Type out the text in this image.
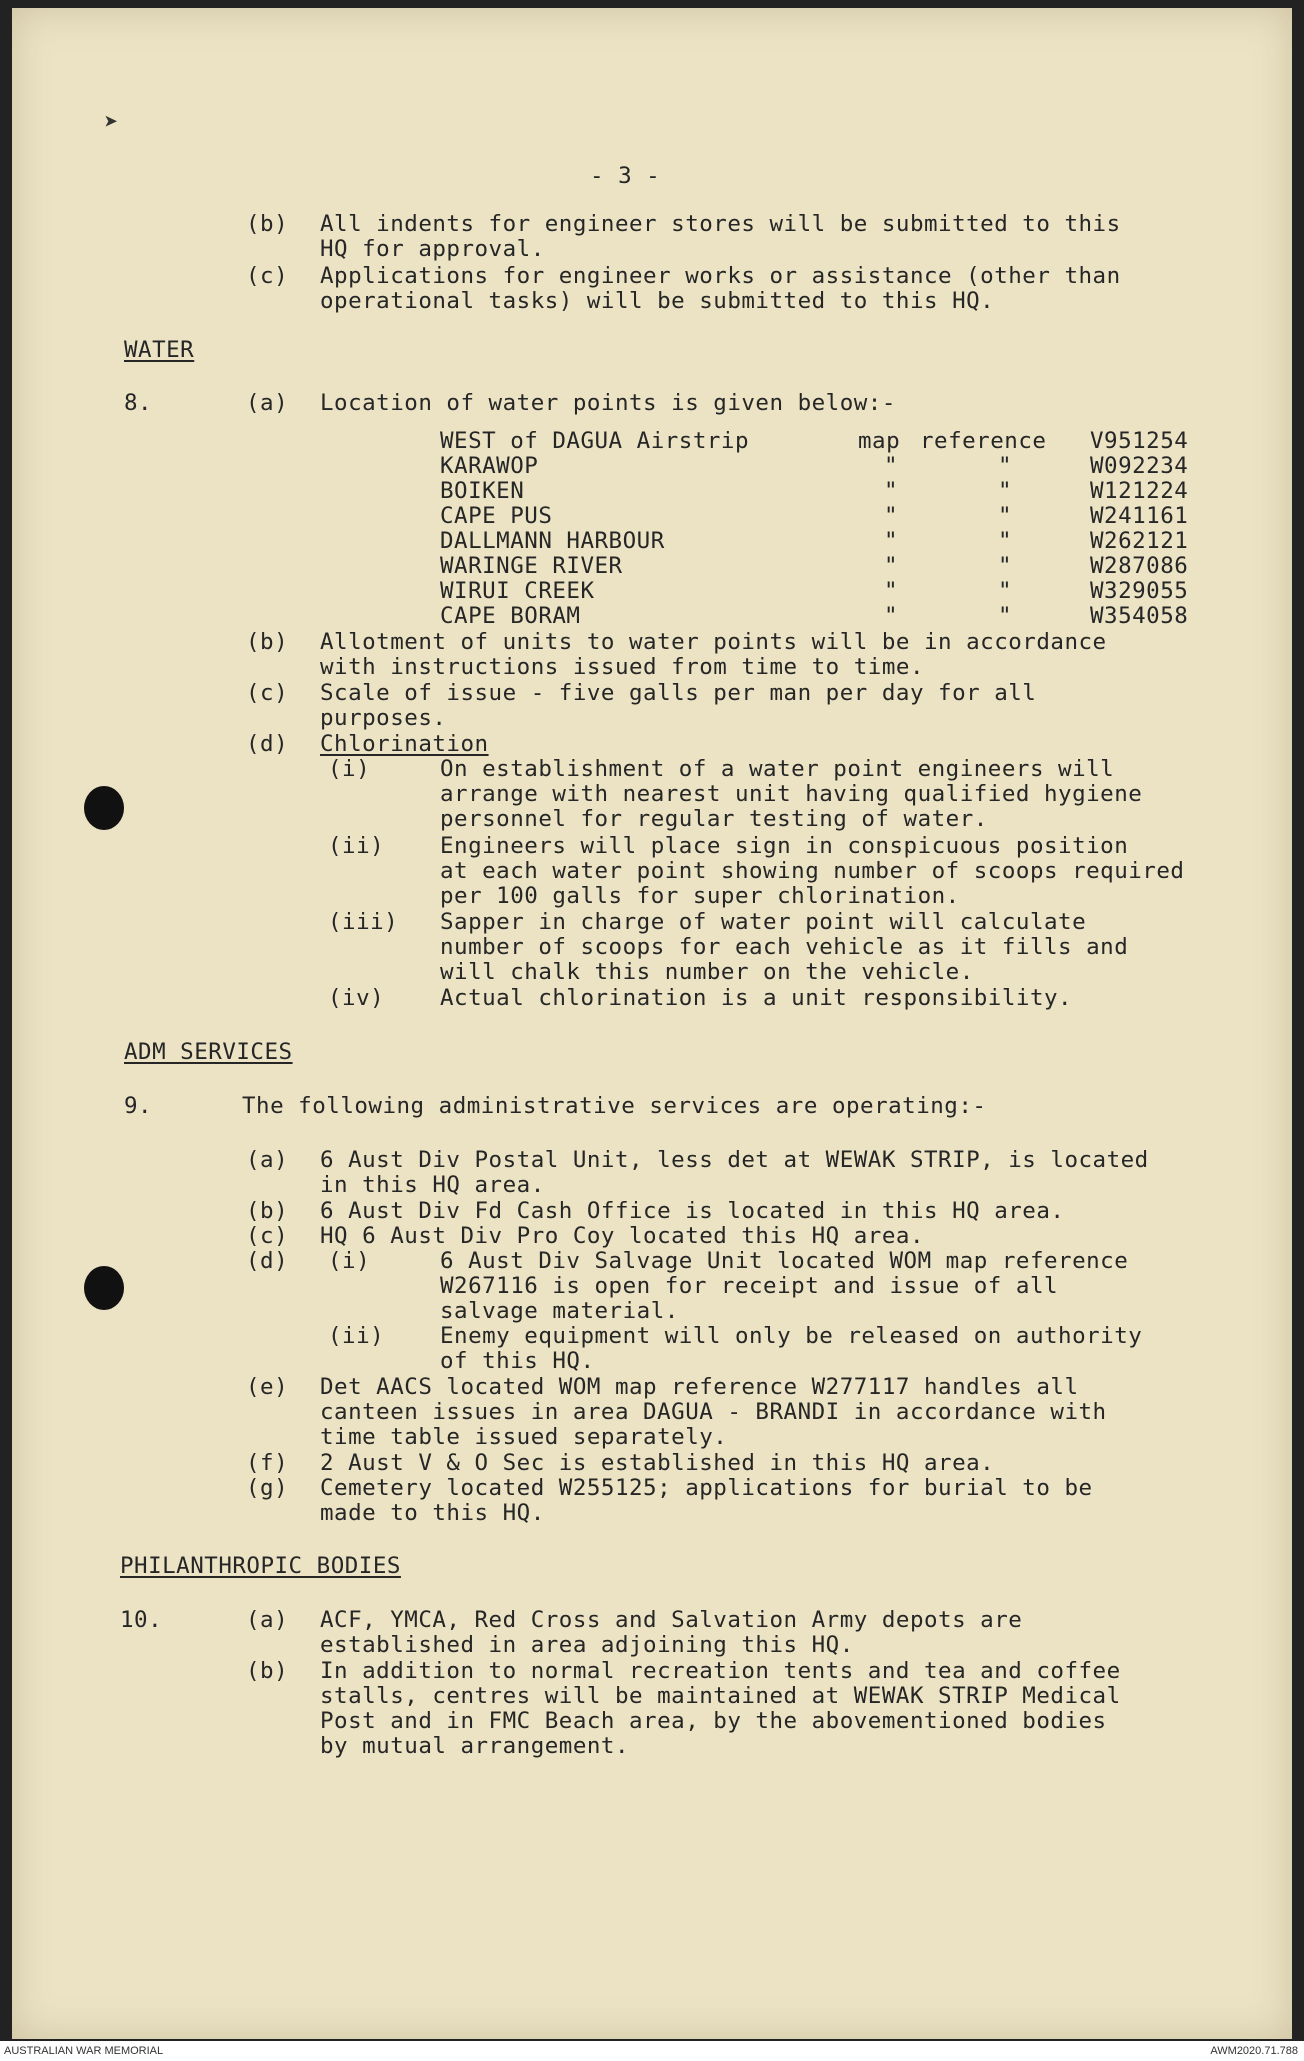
➤
- 3 -
(b) All indents for engineer stores will be submitted to this
HQ for approval.
(c) Applications for engineer works or assistance (other than
operational tasks) will be submitted to this HQ.
WATER
8.	(a) Location of water points is given below:-
WEST of DAGUA Airstrip	map reference V951254
KARAWOP	"	"	W092234
BOIKEN	"	"	W121224
CAPE PUS	"	"	W241161
DALLMANN HARBOUR	"	"	W262121
WARINGE RIVER	"	"	W287086
WIRUI CREEK	"	"	W329055
CAPE BORAM	"	"	W354058
(b) Allotment of units to water points will be in accordance
with instructions issued from time to time.
(c) Scale of issue - five galls per man per day for all
purposes.
(d) Chlorination
(i)	On establishment of a water point engineers will
arrange with nearest unit having qualified hygiene
personnel for regular testing of water.
(ii) Engineers will place sign in conspicuous position
at each water point showing number of scoops required
per 100 galls for super chlorination.
(iii) Sapper in charge of water point will calculate
number of scoops for each vehicle as it fills and
will chalk this number on the vehicle.
(iv) Actual chlorination is a unit responsibility.
ADM SERVICES
9.	The following administrative services are operating:-
(a) 6 Aust Div Postal Unit, less det at WEWAK STRIP, is located
in this HQ area.
(b) 6 Aust Div Fd Cash Office is located in this HQ area.
(c) HQ 6 Aust Div Pro Coy located this HQ area.
(d) (i)	6 Aust Div Salvage Unit located WOM map reference
W267116 is open for receipt and issue of all
salvage material.
(ii) Enemy equipment will only be released on authority
of this HQ.
(e) Det AACS located WOM map reference W277117 handles all
canteen issues in area DAGUA - BRANDI in accordance with
time table issued separately.
(f) 2 Aust V & O Sec is established in this HQ area.
(g) Cemetery located W255125; applications for burial to be
made to this HQ.
PHILANTHROPIC BODIES
10.	(a) ACF, YMCA, Red Cross and Salvation Army depots are
established in area adjoining this HQ.
(b) In addition to normal recreation tents and tea and coffee
stalls, centres will be maintained at WEWAK STRIP Medical
Post and in FMC Beach area, by the abovementioned bodies
by mutual arrangement.
AUSTRALIAN WAR MEMORIAL	AWM2020.71.788
